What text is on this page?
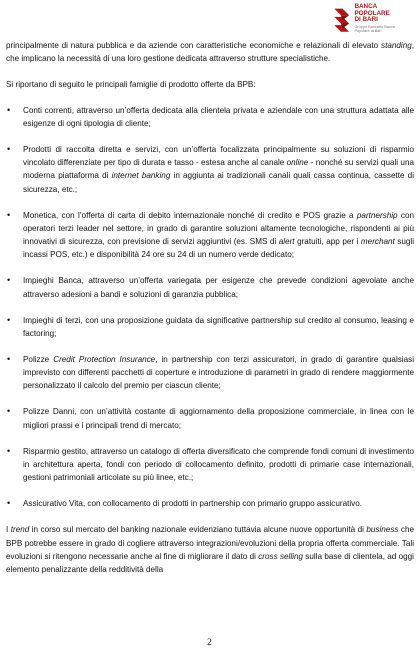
BANCA
POPOLARE
DI BARI
Gruppo Bancario Banca Popolare di Bari

principalmente di natura pubblica e da aziende con caratteristiche economiche e relazionali di elevato standing, che implicano la necessità di una loro gestione dedicata attraverso strutture specialistiche.

Si riportano di seguito le principali famiglie di prodotto offerte da BPB:

• Conti correnti, attraverso un’offerta dedicata alla clientela privata e aziendale con una struttura adattata alle esigenze di ogni tipologia di cliente;
• Prodotti di raccolta diretta e servizi, con un’offerta focalizzata principalmente su soluzioni di risparmio vincolato differenziate per tipo di durata e tasso - estesa anche al canale online - nonché su servizi quali una moderna piattaforma di internet banking in aggiunta ai tradizionali canali quali cassa continua, cassette di sicurezza, etc.;
• Monetica, con l’offerta di carta di debito internazionale nonché di credito e POS grazie a partnership con operatori terzi leader nel settore, in grado di garantire soluzioni altamente tecnologiche, rispondenti ai più innovativi di sicurezza, con previsione di servizi aggiuntivi (es. SMS di alert gratuiti, app per i merchant sugli incassi POS, etc.) e disponibilità 24 ore su 24 di un numero verde dedicato;
• Impieghi Banca, attraverso un’offerta variegata per esigenze che prevede condizioni agevolate anche attraverso adesioni a bandi e soluzioni di garanzia pubblica;
• Impieghi di terzi, con una proposizione guidata da significative partnership sul credito al consumo, leasing e factoring;
• Polizze Credit Protection Insurance, in partnership con terzi assicuratori, in grado di garantire qualsiasi imprevisto con differenti pacchetti di coperture e introduzione di parametri in grado di rendere maggiormente personalizzato il calcolo del premio per ciascun cliente;
• Polizze Danni, con un’attività costante di aggiornamento della proposizione commerciale, in linea con le migliori prassi e i principali trend di mercato;
• Risparmio gestito, attraverso un catalogo di offerta diversificato che comprende fondi comuni di investimento in architettura aperta, fondi con periodo di collocamento definito, prodotti di primarie case internazionali, gestioni patrimoniali articolate su più linee, etc.;
• Assicurativo Vita, con collocamento di prodotti in partnership con primario gruppo assicurativo.

I trend in corso sul mercato del banking nazionale evidenziano tuttavia alcune nuove opportunità di business che BPB potrebbe essere in grado di cogliere attraverso integrazioni/evoluzioni della propria offerta commerciale. Tali evoluzioni si ritengono necessarie anche al fine di migliorare il dato di cross selling sulla base di clientela, ad oggi elemento penalizzante della redditività della

2
